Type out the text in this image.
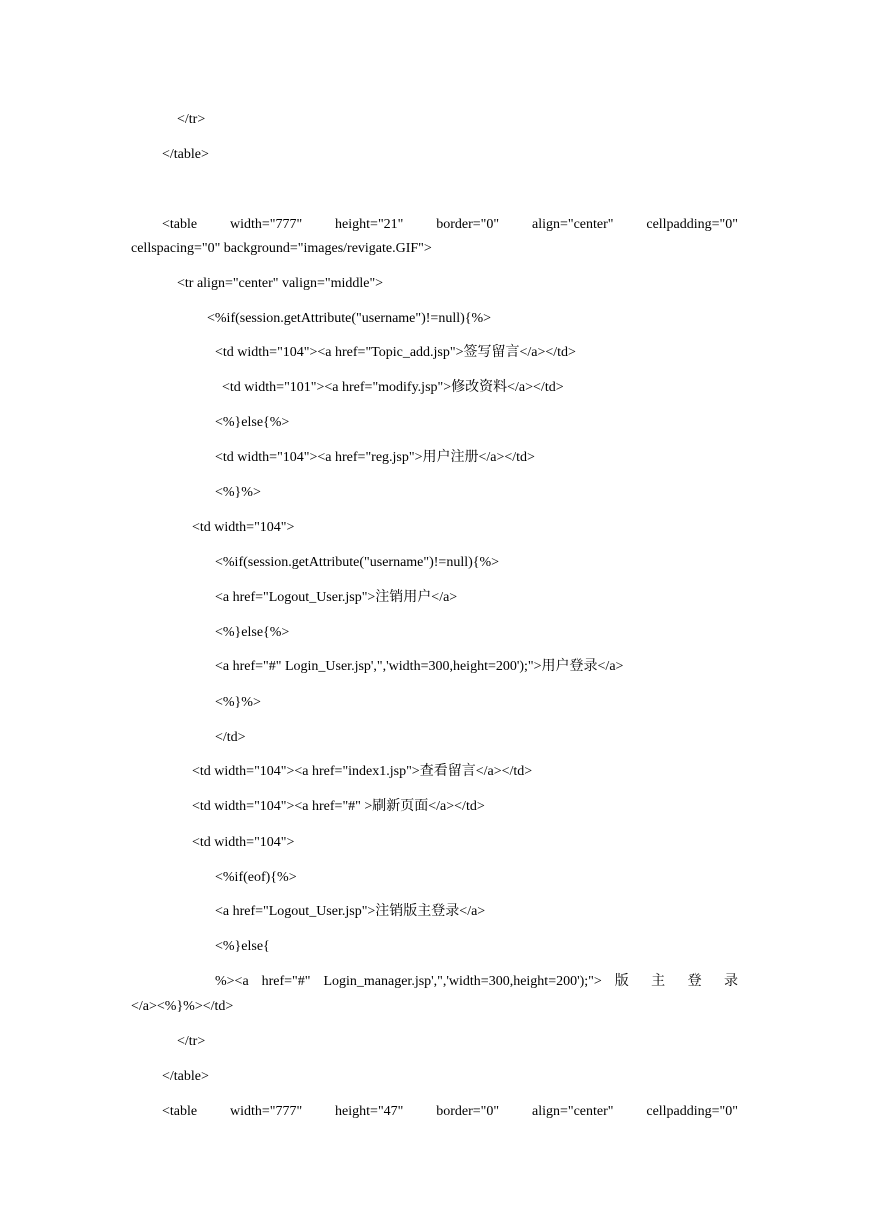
</tr>
</table>
<table width="777" height="21" border="0" align="center" cellpadding="0"
cellspacing="0" background="images/revigate.GIF">
<tr align="center" valign="middle">
<%if(session.getAttribute("username")!=null){%>
<td width="104"><a href="Topic_add.jsp">签写留言</a></td>
<td width="101"><a href="modify.jsp">修改资料</a></td>
<%}else{%>
<td width="104"><a href="reg.jsp">用户注册</a></td>
<%}%>
<td width="104">
<%if(session.getAttribute("username")!=null){%>
<a href="Logout_User.jsp">注销用户</a>
<%}else{%>
<a href="#" Login_User.jsp',",'width=300,height=200');">用户登录</a>
<%}%>
</td>
<td width="104"><a href="index1.jsp">查看留言</a></td>
<td width="104"><a href="#" >刷新页面</a></td>
<td width="104">
<%if(eof){%>
<a href="Logout_User.jsp">注销版主登录</a>
<%}else{
%><a href="#" Login_manager.jsp',",'width=300,height=200');"> 版 主 登 录
</a><%}%></td>
</tr>
</table>
<table width="777" height="47" border="0" align="center" cellpadding="0"
